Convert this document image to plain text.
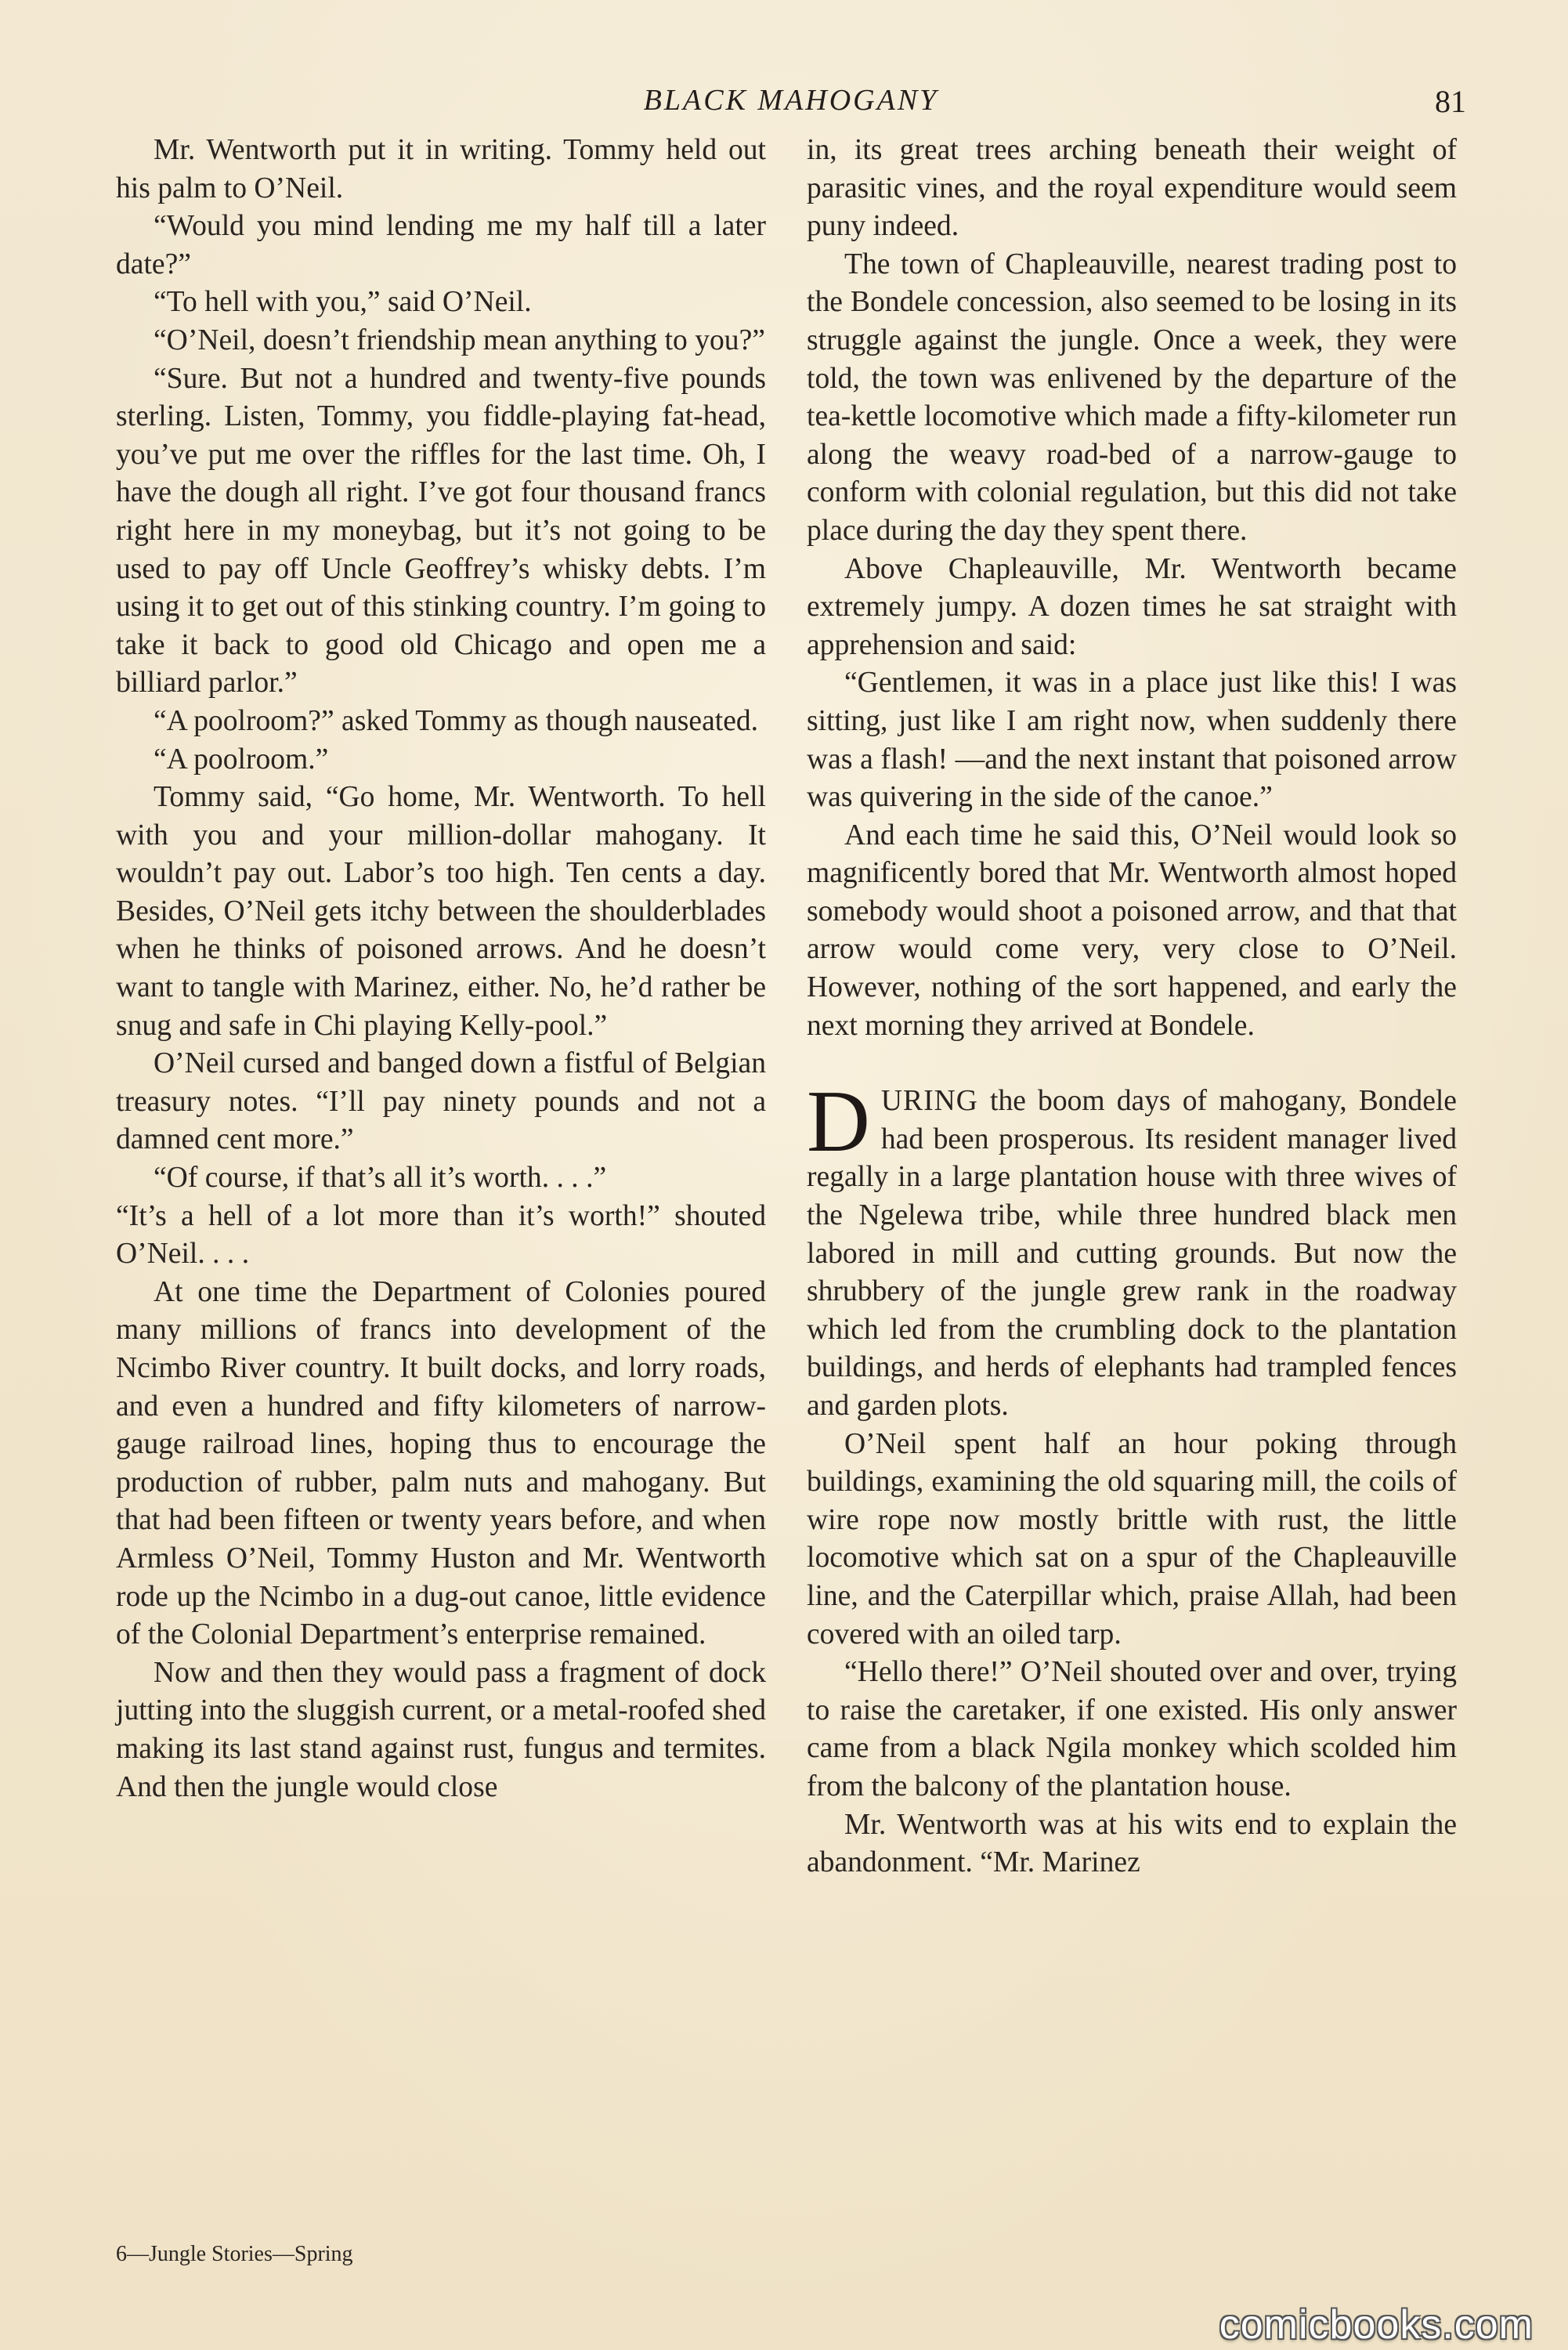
BLACK MAHOGANY	81

Mr. Wentworth put it in writing. Tommy held out his palm to O’Neil.

“Would you mind lending me my half till a later date?”

“To hell with you,” said O’Neil.

“O’Neil, doesn’t friendship mean anything to you?”

“Sure. But not a hundred and twenty-five pounds sterling. Listen, Tommy, you fiddle-playing fat-head, you’ve put me over the riffles for the last time. Oh, I have the dough all right. I’ve got four thousand francs right here in my moneybag, but it’s not going to be used to pay off Uncle Geoffrey’s whisky debts. I’m using it to get out of this stinking country. I’m going to take it back to good old Chicago and open me a billiard parlor.”

“A poolroom?” asked Tommy as though nauseated.

“A poolroom.”

Tommy said, “Go home, Mr. Wentworth. To hell with you and your million-dollar mahogany. It wouldn’t pay out. Labor’s too high. Ten cents a day. Besides, O’Neil gets itchy between the shoulderblades when he thinks of poisoned arrows. And he doesn’t want to tangle with Marinez, either. No, he’d rather be snug and safe in Chi playing Kelly-pool.”

O’Neil cursed and banged down a fistful of Belgian treasury notes. “I’ll pay ninety pounds and not a damned cent more.”

“Of course, if that’s all it’s worth. . . .”

“It’s a hell of a lot more than it’s worth!” shouted O’Neil. . . .

At one time the Department of Colonies poured many millions of francs into development of the Ncimbo River country. It built docks, and lorry roads, and even a hundred and fifty kilometers of narrow-gauge railroad lines, hoping thus to encourage the production of rubber, palm nuts and mahogany. But that had been fifteen or twenty years before, and when Armless O’Neil, Tommy Huston and Mr. Wentworth rode up the Ncimbo in a dug-out canoe, little evidence of the Colonial Department’s enterprise remained.

Now and then they would pass a fragment of dock jutting into the sluggish current, or a metal-roofed shed making its last stand against rust, fungus and termites. And then the jungle would close

in, its great trees arching beneath their weight of parasitic vines, and the royal expenditure would seem puny indeed.

The town of Chapleauville, nearest trading post to the Bondele concession, also seemed to be losing in its struggle against the jungle. Once a week, they were told, the town was enlivened by the departure of the tea-kettle locomotive which made a fifty-kilometer run along the weavy road-bed of a narrow-gauge to conform with colonial regulation, but this did not take place during the day they spent there.

Above Chapleauville, Mr. Wentworth became extremely jumpy. A dozen times he sat straight with apprehension and said:

“Gentlemen, it was in a place just like this! I was sitting, just like I am right now, when suddenly there was a flash! —and the next instant that poisoned arrow was quivering in the side of the canoe.”

And each time he said this, O’Neil would look so magnificently bored that Mr. Wentworth almost hoped somebody would shoot a poisoned arrow, and that that arrow would come very, very close to O’Neil. However, nothing of the sort happened, and early the next morning they arrived at Bondele.

DURING the boom days of mahogany, Bondele had been prosperous. Its resident manager lived regally in a large plantation house with three wives of the Ngelewa tribe, while three hundred black men labored in mill and cutting grounds. But now the shrubbery of the jungle grew rank in the roadway which led from the crumbling dock to the plantation buildings, and herds of elephants had trampled fences and garden plots.

O’Neil spent half an hour poking through buildings, examining the old squaring mill, the coils of wire rope now mostly brittle with rust, the little locomotive which sat on a spur of the Chapleauville line, and the Caterpillar which, praise Allah, had been covered with an oiled tarp.

“Hello there!” O’Neil shouted over and over, trying to raise the caretaker, if one existed. His only answer came from a black Ngila monkey which scolded him from the balcony of the plantation house.

Mr. Wentworth was at his wits end to explain the abandonment. “Mr. Marinez

6—Jungle Stories—Spring
comicbooks.com
